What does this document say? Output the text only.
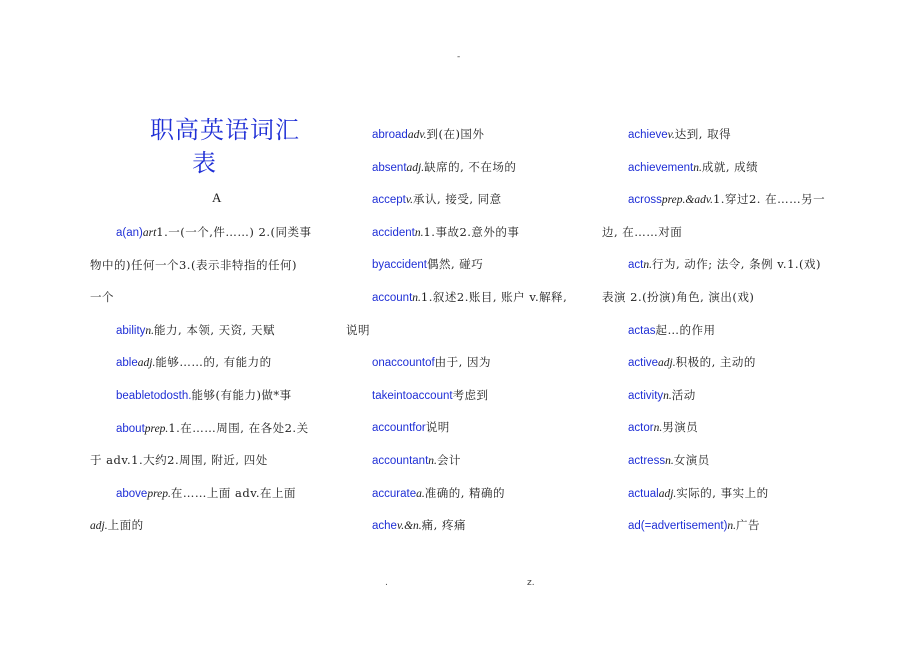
-
职高英语词汇
表
A
a(an)art1.一(一个,件……) 2.(同类事
物中的)任何一个3.(表示非特指的任何)
一个
abilityn.能力, 本领, 天资, 天赋
ableadj.能够……的, 有能力的
beabletodosth.能够(有能力)做*事
aboutprep.1.在……周围, 在各处2.关
于 adv.1.大约2.周围, 附近, 四处
aboveprep.在……上面 adv.在上面
adj.上面的
abroadadv.到(在)国外
absentadj.缺席的, 不在场的
acceptv.承认, 接受, 同意
accidentn.1.事故2.意外的事
byaccident偶然, 碰巧
accountn.1.叙述2.账目, 账户 v.解释,
说明
onaccountof由于, 因为
takeintoaccount考虑到
accountfor说明
accountantn.会计
accuratea.准确的, 精确的
achev.&n.痛, 疼痛
achievev.达到, 取得
achievementn.成就, 成绩
acrossprep.&adv.1.穿过2. 在……另一
边, 在……对面
actn.行为, 动作; 法令, 条例 v.1.(戏)
表演 2.(扮演)角色, 演出(戏)
actas起…的作用
activeadj.积极的, 主动的
activityn.活动
actorn.男演员
actressn.女演员
actualadj.实际的, 事实上的
ad(=advertisement)n.广告
.	z.
